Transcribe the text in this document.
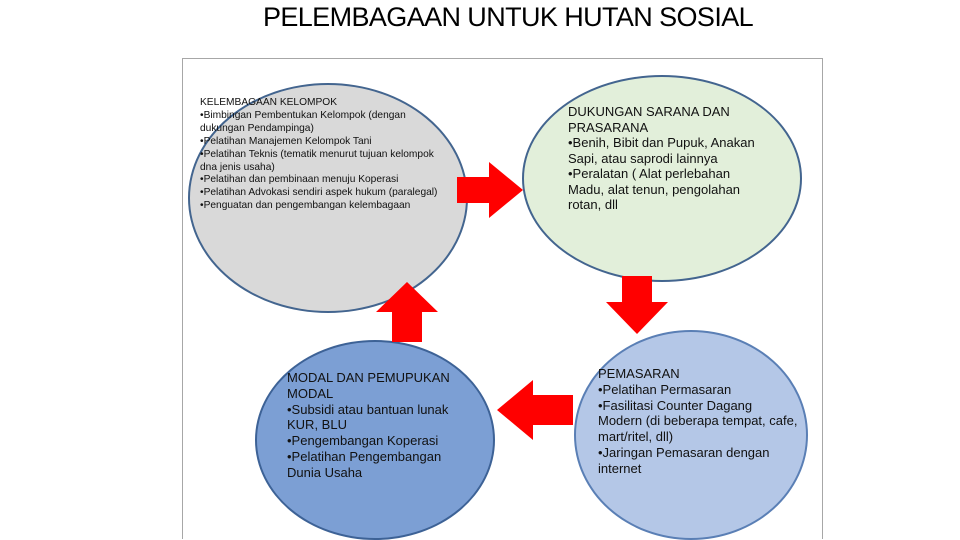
PELEMBAGAAN UNTUK HUTAN SOSIAL

KELEMBAGAAN KELOMPOK

•Bimbingan Pembentukan Kelompok (dengan dukungan Pendampinga)

•Pelatihan Manajemen Kelompok Tani

•Pelatihan Teknis (tematik menurut tujuan kelompok dna jenis usaha)

•Pelatihan dan pembinaan menuju Koperasi

•Pelatihan Advokasi sendiri aspek hukum (paralegal)

•Penguatan dan pengembangan kelembagaan

DUKUNGAN SARANA DAN PRASARANA

•Benih, Bibit dan Pupuk, Anakan Sapi, atau saprodi lainnya

•Peralatan ( Alat perlebahan Madu, alat tenun, pengolahan rotan, dll

MODAL DAN PEMUPUKAN MODAL

•Subsidi atau bantuan lunak KUR, BLU

•Pengembangan Koperasi

•Pelatihan Pengembangan Dunia Usaha

PEMASARAN

•Pelatihan Permasaran

•Fasilitasi Counter Dagang Modern (di beberapa tempat, cafe, mart/ritel, dll)

•Jaringan Pemasaran dengan internet
